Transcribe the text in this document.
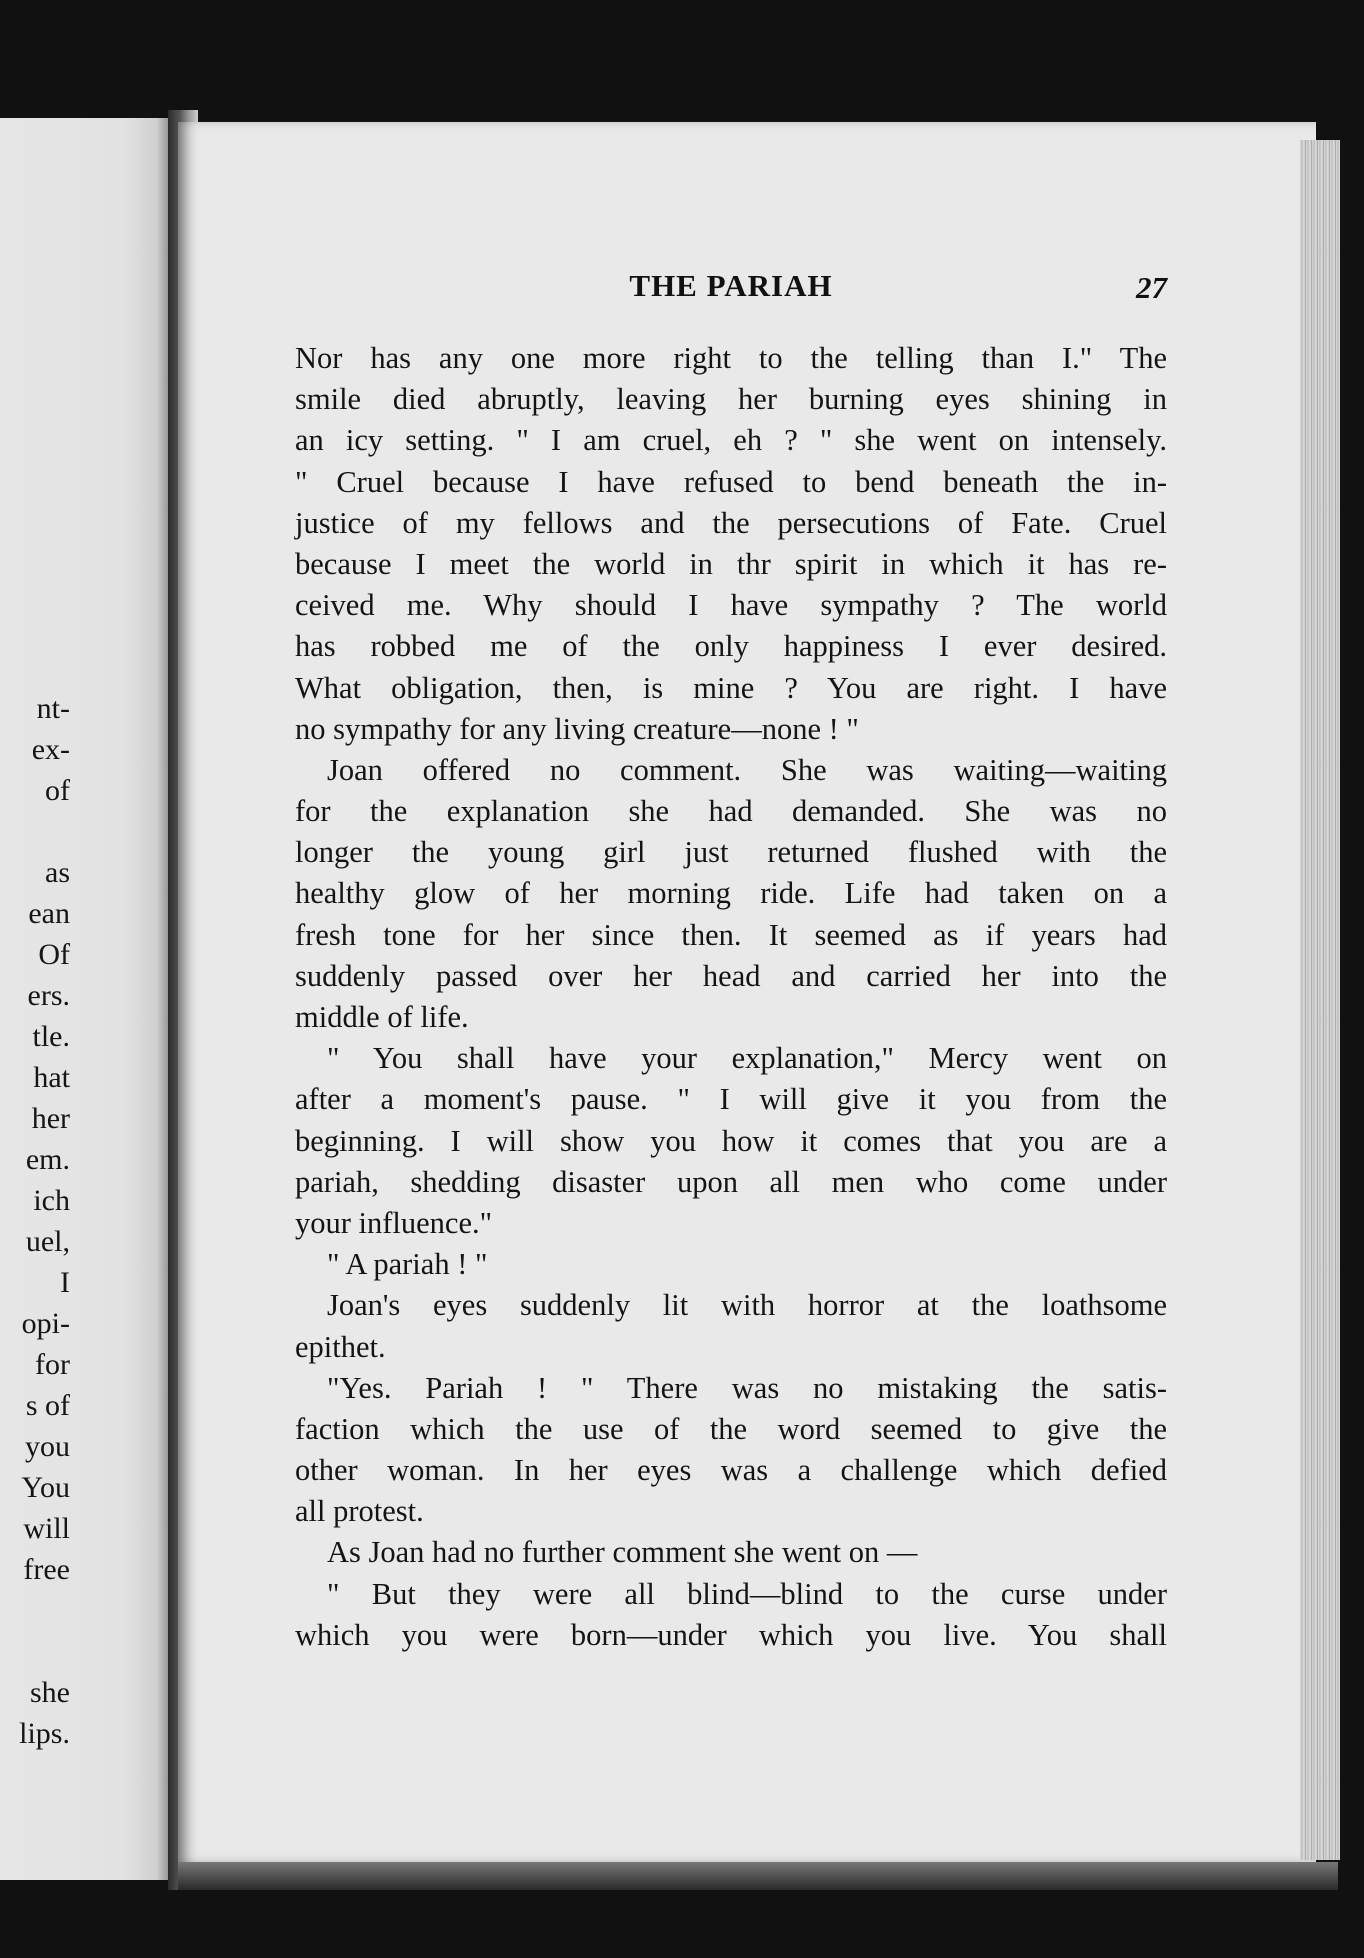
nt-
ex-
of
as
ean
Of
ers.
tle.
hat
her
em.
ich
uel,
I
opi-
for
s of
you
You
will
free
she
lips.
THE PARIAH	27
Nor has any one more right to the telling than I." The
smile died abruptly, leaving her burning eyes shining in
an icy setting. " I am cruel, eh ? " she went on intensely.
" Cruel because I have refused to bend beneath the in-
justice of my fellows and the persecutions of Fate. Cruel
because I meet the world in thr spirit in which it has re-
ceived me. Why should I have sympathy ? The world
has robbed me of the only happiness I ever desired.
What obligation, then, is mine ? You are right. I have
no sympathy for any living creature—none ! "
Joan offered no comment. She was waiting—waiting
for the explanation she had demanded. She was no
longer the young girl just returned flushed with the
healthy glow of her morning ride. Life had taken on a
fresh tone for her since then. It seemed as if years had
suddenly passed over her head and carried her into the
middle of life.
" You shall have your explanation," Mercy went on
after a moment's pause. " I will give it you from the
beginning. I will show you how it comes that you are a
pariah, shedding disaster upon all men who come under
your influence."
" A pariah ! "
Joan's eyes suddenly lit with horror at the loathsome
epithet.
"Yes. Pariah ! " There was no mistaking the satis-
faction which the use of the word seemed to give the
other woman. In her eyes was a challenge which defied
all protest.
As Joan had no further comment she went on —
" But they were all blind—blind to the curse under
which you were born—under which you live. You shall
